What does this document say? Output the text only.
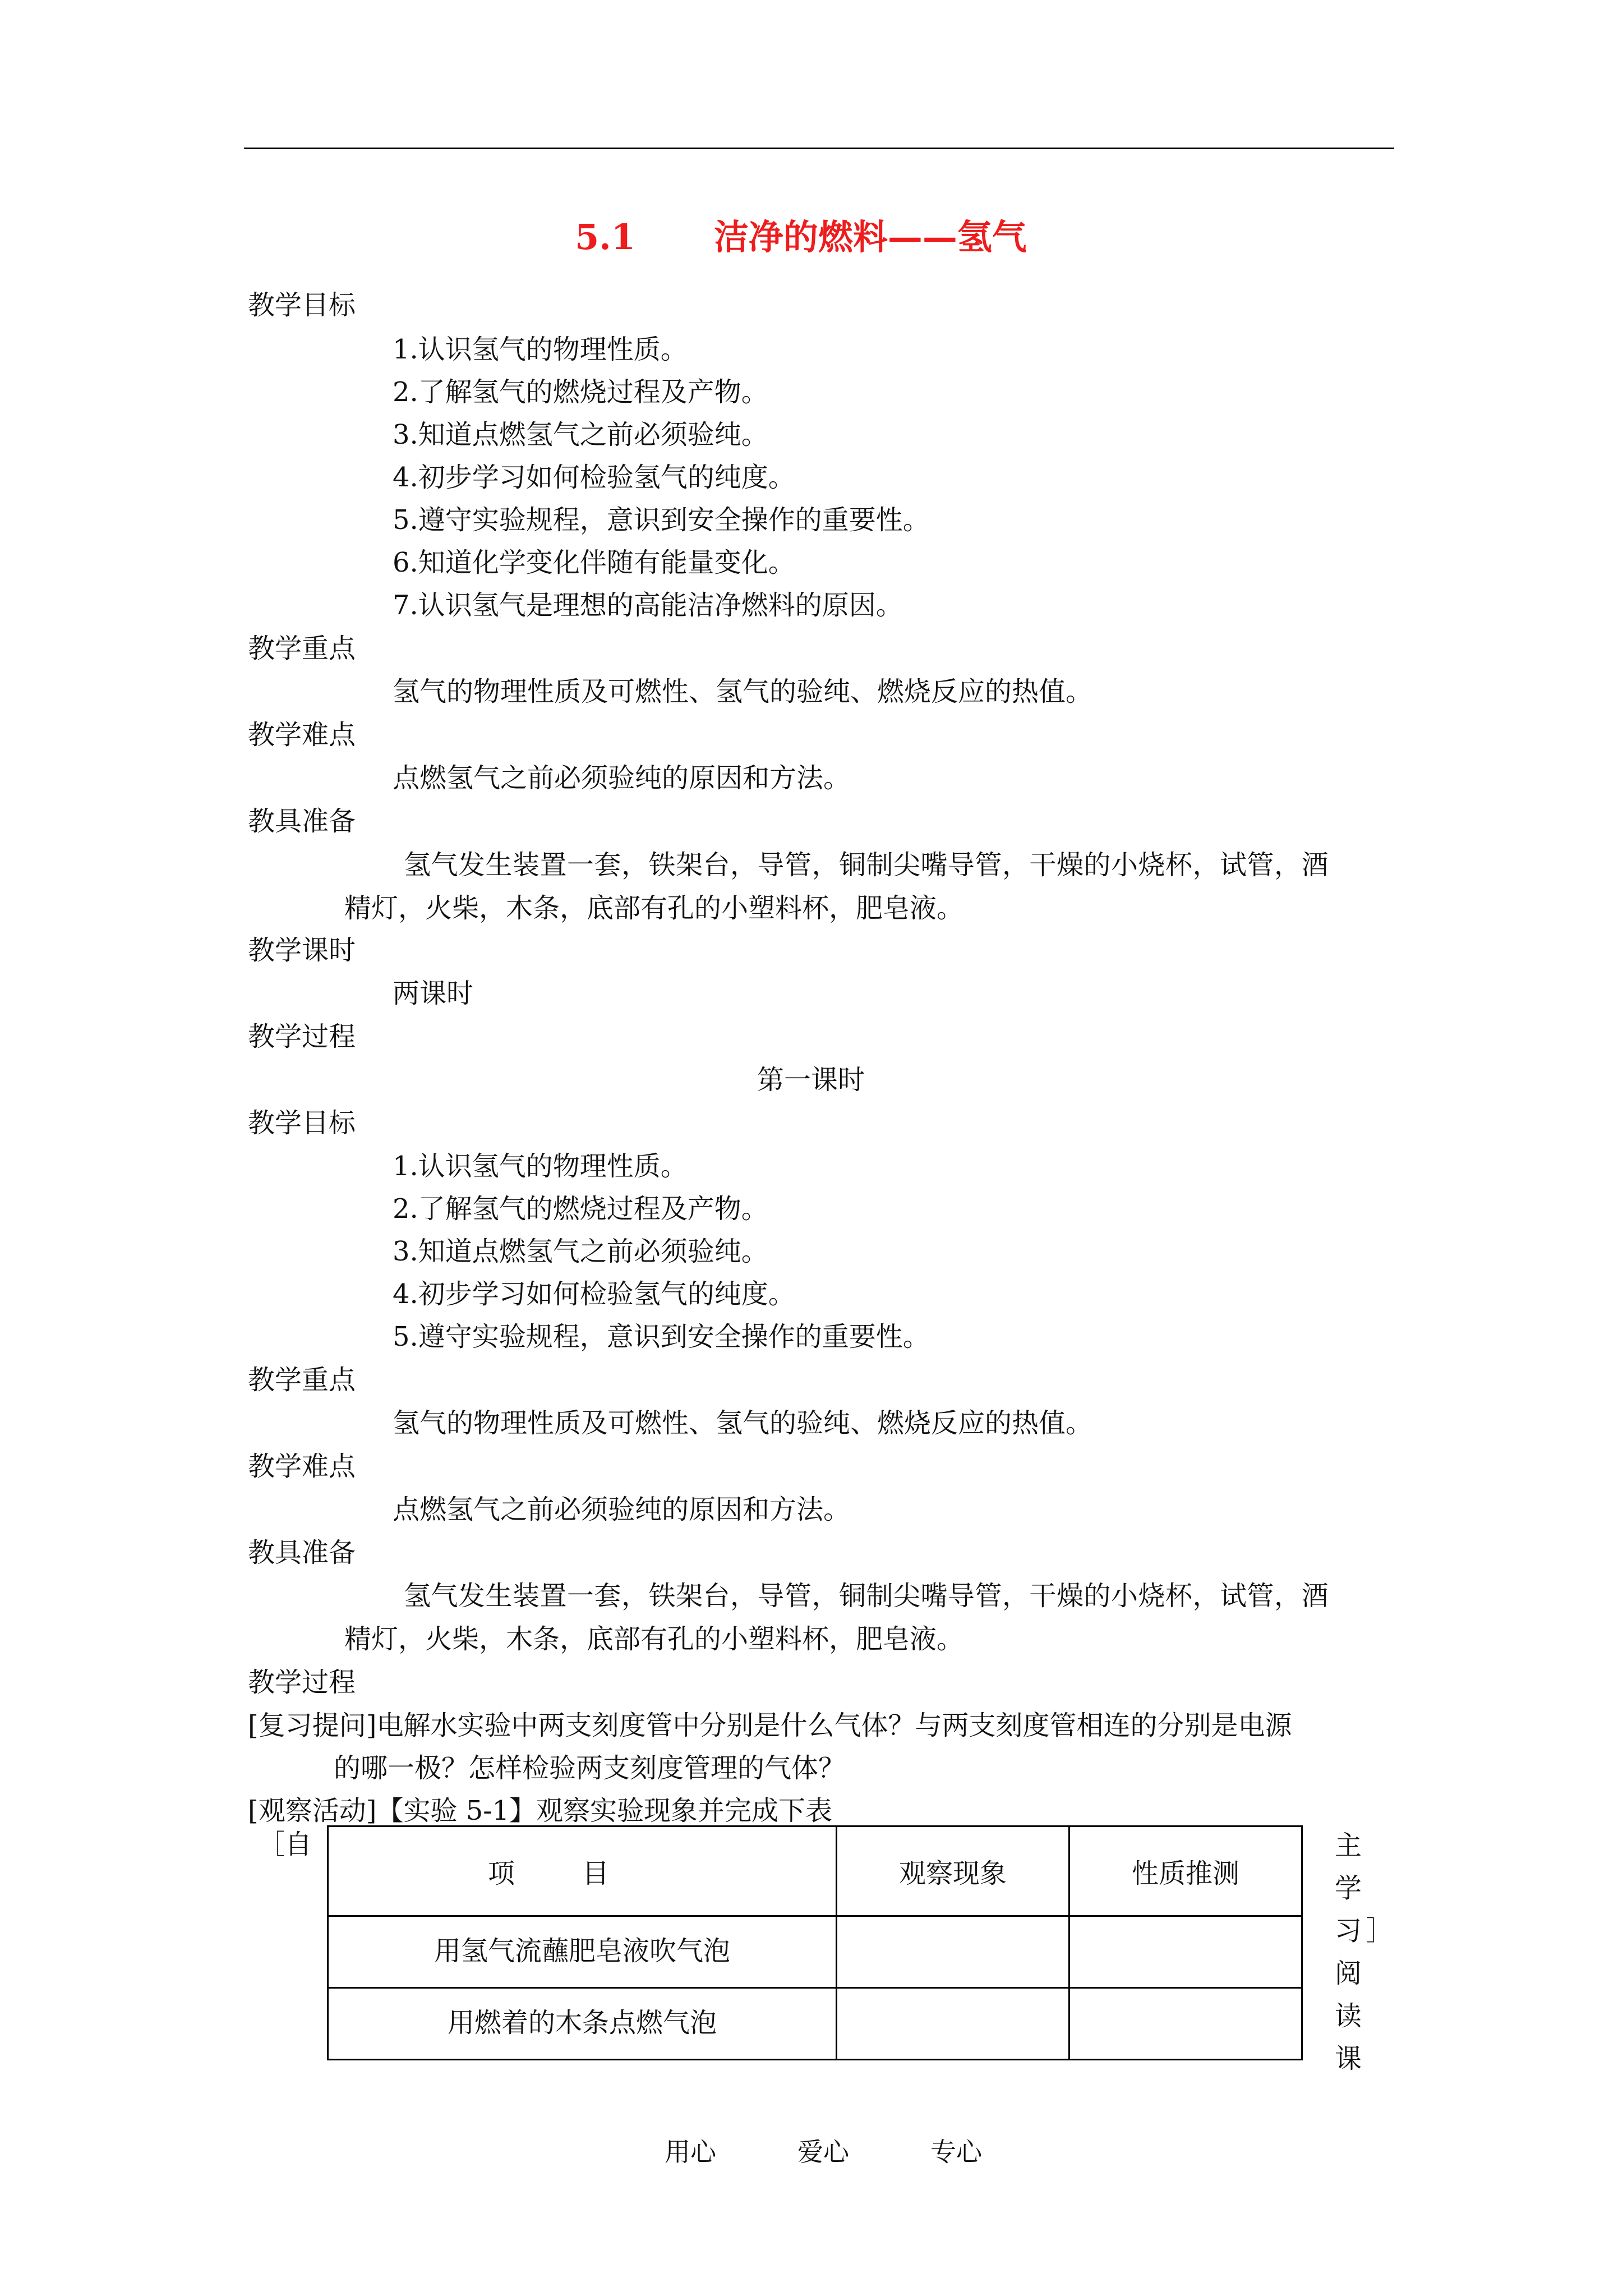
5.1 洁净的燃料——氢气
教学目标
1.认识氢气的物理性质。
2.了解氢气的燃烧过程及产物。
3.知道点燃氢气之前必须验纯。
4.初步学习如何检验氢气的纯度。
5.遵守实验规程，意识到安全操作的重要性。
6.知道化学变化伴随有能量变化。
7.认识氢气是理想的高能洁净燃料的原因。
教学重点
氢气的物理性质及可燃性、氢气的验纯、燃烧反应的热值。
教学难点
点燃氢气之前必须验纯的原因和方法。
教具准备
氢气发生装置一套，铁架台，导管，铜制尖嘴导管，干燥的小烧杯，试管，酒
精灯，火柴，木条，底部有孔的小塑料杯，肥皂液。
教学课时
两课时
教学过程
第一课时
教学目标
1.认识氢气的物理性质。
2.了解氢气的燃烧过程及产物。
3.知道点燃氢气之前必须验纯。
4.初步学习如何检验氢气的纯度。
5.遵守实验规程，意识到安全操作的重要性。
教学重点
氢气的物理性质及可燃性、氢气的验纯、燃烧反应的热值。
教学难点
点燃氢气之前必须验纯的原因和方法。
教具准备
氢气发生装置一套，铁架台，导管，铜制尖嘴导管，干燥的小烧杯，试管，酒
精灯，火柴，木条，底部有孔的小塑料杯，肥皂液。
教学过程
[复习提问]电解水实验中两支刻度管中分别是什么气体？与两支刻度管相连的分别是电源
的哪一极？怎样检验两支刻度管理的气体？
[观察活动]【实验 5-1】观察实验现象并完成下表
［自
项目	观察现象	性质推测
用氢气流蘸肥皂液吹气泡		
用燃着的木条点燃气泡		
主
学
习 ］
阅
读
课
用心	爱心	专心
